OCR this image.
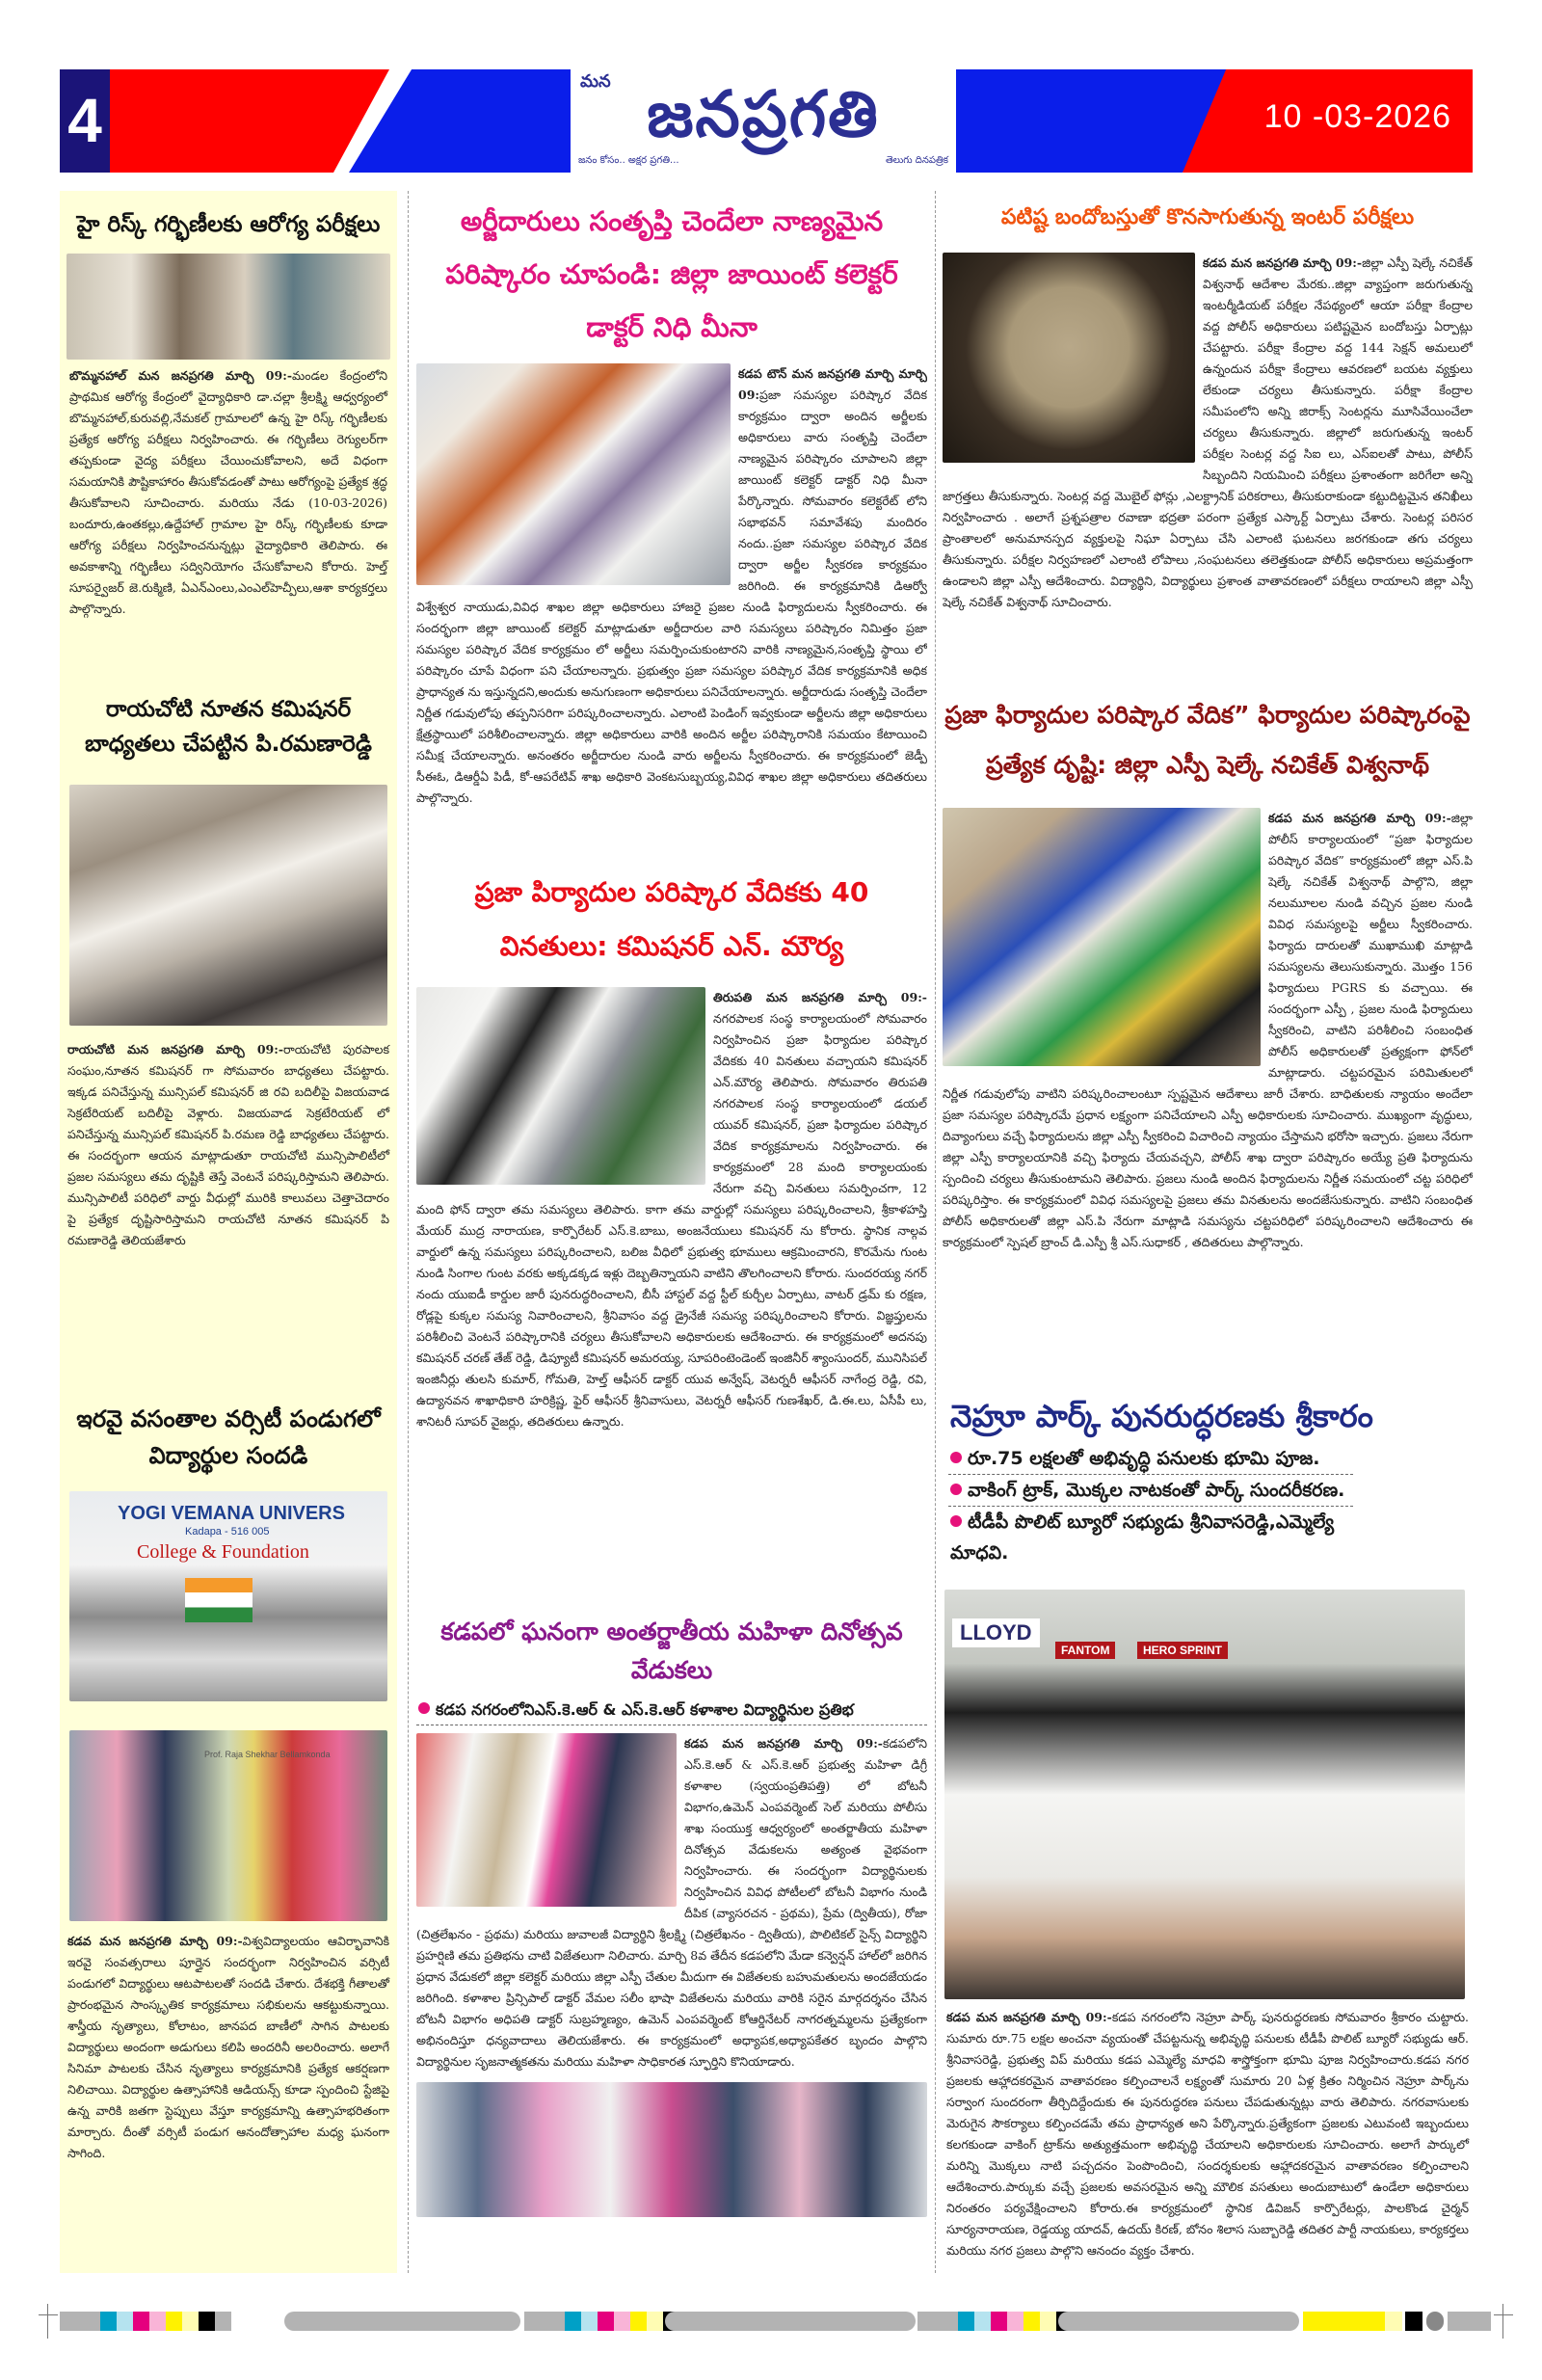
4
మన జనప్రగతి
జనం కోసం.. అక్షర ప్రగతి...	తెలుగు దినపత్రిక
10 -03-2026
హై రిస్క్ గర్భిణీలకు ఆరోగ్య పరీక్షలు
బొమ్మనహాల్ మన జనప్రగతి మార్చి 09:-మండల కేంద్రంలోని ప్రాథమిక ఆరోగ్య కేంద్రంలో వైద్యాధికారి డా.చల్లా శ్రీలక్ష్మి ఆధ్వర్యంలో బొమ్మనహాల్,కురువల్లి,నేమకల్ గ్రామాలలో ఉన్న హై రిస్క్ గర్భిణీలకు ప్రత్యేక ఆరోగ్య పరీక్షలు నిర్వహించారు. ఈ గర్భిణీలు రెగ్యులర్‌గా తప్పకుండా వైద్య పరీక్షలు చేయించుకోవాలని, అదే విధంగా సమయానికి పౌష్టికాహారం తీసుకోవడంతో పాటు ఆరోగ్యంపై ప్రత్యేక శ్రద్ధ తీసుకోవాలని సూచించారు. మరియు నేడు (10-03-2026) బందూరు,ఉంతకల్లు,ఉద్దేహాల్ గ్రామాల హై రిస్క్ గర్భిణీలకు కూడా ఆరోగ్య పరీక్షలు నిర్వహించనున్నట్లు వైద్యాధికారి తెలిపారు. ఈ అవకాశాన్ని గర్భిణీలు సద్వినియోగం చేసుకోవాలని కోరారు. హెల్త్ సూపర్వైజర్ జె.రుక్మిణి, ఏఎన్ఎంలు,ఎంఎల్‌హెచ్పీలు,ఆశా కార్యకర్తలు పాల్గొన్నారు.
రాయచోటి నూతన కమిషనర్ బాధ్యతలు చేపట్టిన పి.రమణారెడ్డి
రాయచోటి మన జనప్రగతి మార్చి 09:-రాయచోటి పురపాలక సంఘం,నూతన కమిషనర్ గా సోమవారం బాధ్యతలు చేపట్టారు. ఇక్కడ పనిచేస్తున్న మున్సిపల్ కమిషనర్ జి రవి బదిలీపై విజయవాడ సెక్రటేరియట్ బదిలీపై వెళ్లారు. విజయవాడ సెక్రటేరియట్ లో పనిచేస్తున్న మున్సిపల్ కమిషనర్ పి.రమణ రెడ్డి బాధ్యతలు చేపట్టారు. ఈ సందర్భంగా ఆయన మాట్లాడుతూ రాయచోటి మున్సిపాలిటీలో ప్రజల సమస్యలు తమ దృష్టికి తెస్తే వెంటనే పరిష్కరిస్తామని తెలిపారు. మున్సిపాలిటీ పరిధిలో వార్డు వీధుల్లో మురికి కాలువలు చెత్తాచెదారం పై ప్రత్యేక దృష్టిసారిస్తామని రాయచోటి నూతన కమిషనర్ పి రమణారెడ్డి తెలియజేశారు
ఇరవై వసంతాల వర్సిటీ పండుగలో విద్యార్థుల సందడి
YOGI VEMANA UNIVERS
Kadapa - 516 005
College & Foundation
Prof. Raja Shekhar Bellamkonda
కడవ మన జనప్రగతి మార్చి 09:-విశ్వవిద్యాలయం ఆవిర్భావానికి ఇరవై సంవత్సరాలు పూర్తైన సందర్భంగా నిర్వహించిన వర్సిటీ పండుగలో విద్యార్థులు ఆటపాటలతో సందడి చేశారు. దేశభక్తి గీతాలతో ప్రారంభమైన సాంస్కృతిక కార్యక్రమాలు సభికులను ఆకట్టుకున్నాయి. శాస్త్రీయ నృత్యాలు, కోలాటం, జానపద బాణీలో సాగిన పాటలకు విద్యార్థులు అందంగా అడుగులు కలిపి అందరినీ అలరించారు. అలాగే సినిమా పాటలకు చేసిన నృత్యాలు కార్యక్రమానికి ప్రత్యేక ఆకర్షణగా నిలిచాయి. విద్యార్థుల ఉత్సాహానికి ఆడియన్స్ కూడా స్పందించి స్టేజిపై ఉన్న వారికి జతగా స్టెప్పులు వేస్తూ కార్యక్రమాన్ని ఉత్సాహభరితంగా మార్చారు. దీంతో వర్సిటీ పండుగ ఆనందోత్సాహాల మధ్య ఘనంగా సాగింది.
అర్జీదారులు సంతృప్తి చెందేలా నాణ్యమైన పరిష్కారం చూపండి: జిల్లా జాయింట్ కలెక్టర్ డాక్టర్ నిధి మీనా
కడప టౌన్ మన జనప్రగతి మార్చి మార్చి 09:ప్రజా సమస్యల పరిష్కార వేదిక కార్యక్రమం ద్వారా అందిన అర్జీలకు అధికారులు వారు సంతృప్తి చెందేలా నాణ్యమైన పరిష్కారం చూపాలని జిల్లా జాయింట్ కలెక్టర్ డాక్టర్ నిధి మీనా పేర్కొన్నారు. సోమవారం కలెక్టరేట్ లోని సభాభవన్ సమావేశపు మందిరం నందు..ప్రజా సమస్యల పరిష్కార వేదిక ద్వారా అర్జీల స్వీకరణ కార్యక్రమం జరిగింది. ఈ కార్యక్రమానికి డిఆర్వో విశ్వేశ్వర నాయుడు,వివిధ శాఖల జిల్లా అధికారులు హాజరై ప్రజల నుండి ఫిర్యాదులను స్వీకరించారు. ఈ సందర్భంగా జిల్లా జాయింట్ కలెక్టర్ మాట్లాడుతూ అర్జీదారుల వారి సమస్యలు పరిష్కారం నిమిత్తం ప్రజా సమస్యల పరిష్కార వేదిక కార్యక్రమం లో అర్జీలు సమర్పించుకుంటారని వారికి నాణ్యమైన,సంతృప్తి స్థాయి లో పరిష్కారం చూపే విధంగా పని చేయాలన్నారు. ప్రభుత్వం ప్రజా సమస్యల పరిష్కార వేదిక కార్యక్రమానికి అధిక ప్రాధాన్యత ను ఇస్తున్నదని,అందుకు అనుగుణంగా అధికారులు పనిచేయాలన్నారు. అర్జీదారుడు సంతృప్తి చెందేలా నిర్ణీత గడువులోపు తప్పనిసరిగా పరిష్కరించాలన్నారు. ఎలాంటి పెండింగ్ ఇవ్వకుండా అర్జీలను జిల్లా అధికారులు క్షేత్రస్థాయిలో పరిశీలించాలన్నారు. జిల్లా అధికారులు వారికి అందిన అర్జీల పరిష్కారానికి సమయం కేటాయించి సమీక్ష చేయాలన్నారు. అనంతరం అర్జీదారుల నుండి వారు అర్జీలను స్వీకరించారు. ఈ కార్యక్రమంలో జెడ్పీ సీఈఓ, డిఆర్డీఏ పిడీ, కో-ఆపరేటివ్ శాఖ అధికారి వెంకటసుబ్బయ్య,వివిధ శాఖల జిల్లా అధికారులు తదితరులు పాల్గొన్నారు.
ప్రజా పిర్యాదుల పరిష్కార వేదికకు 40 వినతులు: కమిషనర్ ఎన్. మౌర్య
తిరుపతి మన జనప్రగతి మార్చి 09:-నగరపాలక సంస్థ కార్యాలయంలో సోమవారం నిర్వహించిన ప్రజా ఫిర్యాదుల పరిష్కార వేదికకు 40 వినతులు వచ్చాయని కమిషనర్ ఎన్.మౌర్య తెలిపారు. సోమవారం తిరుపతి నగరపాలక సంస్థ కార్యాలయంలో డయల్ యువర్ కమిషనర్, ప్రజా ఫిర్యాదుల పరిష్కార వేదిక కార్యక్రమాలను నిర్వహించారు. ఈ కార్యక్రమంలో 28 మంది కార్యాలయంకు నేరుగా వచ్చి వినతులు సమర్పించగా, 12 మంది ఫోన్ ద్వారా తమ సమస్యలు తెలిపారు. కాగా తమ వార్డుల్లో సమస్యలు పరిష్కరించాలని, శ్రీకాళహస్తి మేయర్ ముద్ర నారాయణ, కార్పొరేటర్ ఎస్.కె.బాబు, అంజనేయులు కమిషనర్ ను కోరారు. స్థానిక నాల్గవ వార్డులో ఉన్న సమస్యలు పరిష్కరించాలని, బలిజ వీధిలో ప్రభుత్వ భూములు ఆక్రమించారని, కొరమేను గుంట నుండి సింగాల గుంట వరకు అక్కడక్కడ ఇళ్లు దెబ్బతిన్నాయని వాటిని తొలగించాలని కోరారు. సుందరయ్య నగర్ నందు యుఐడీ కార్డుల జారీ పునరుద్ధరించాలని, బీసీ హాస్టల్ వద్ద స్టీల్ కుర్చీల ఏర్పాటు, వాటర్ డ్రమ్ కు రక్షణ, రోడ్లపై కుక్కల సమస్య నివారించాలని, శ్రీనివాసం వద్ద డ్రైనేజీ సమస్య పరిష్కరించాలని కోరారు. విజ్ఞప్తులను పరిశీలించి వెంటనే పరిష్కారానికి చర్యలు తీసుకోవాలని అధికారులకు ఆదేశించారు. ఈ కార్యక్రమంలో అదనపు కమిషనర్ చరణ్ తేజ్ రెడ్డి, డిప్యూటీ కమిషనర్ అమరయ్య, సూపరింటెండెంట్ ఇంజినీర్ శ్యాంసుందర్, మునిసిపల్ ఇంజినీర్లు తులసి కుమార్, గోమతి, హెల్త్ ఆఫీసర్ డాక్టర్ యువ అన్వేష్, వెటర్నరీ ఆఫీసర్ నాగేంద్ర రెడ్డి, రవి, ఉద్యానవన శాఖాధికారి హరిక్రిష్ణ, ఫైర్ ఆఫీసర్ శ్రీనివాసులు, వెటర్నరీ ఆఫీసర్ గుణశేఖర్, డి.ఈ.లు, ఏసీపీ లు, శానిటరీ సూపర్ వైజర్లు, తదితరులు ఉన్నారు.
కడపలో ఘనంగా అంతర్జాతీయ మహిళా దినోత్సవ వేడుకలు
కడప నగరంలోనిఎస్.కె.ఆర్ & ఎస్.కె.ఆర్ కళాశాల విద్యార్థినుల ప్రతిభ
కడప మన జనప్రగతి మార్చి 09:-కడపలోని ఎస్.కె.ఆర్ & ఎస్.కె.ఆర్ ప్రభుత్వ మహిళా డిగ్రీ కళాశాల (స్వయంప్రతిపత్తి) లో బోటనీ విభాగం,ఉమెన్ ఎంపవర్మెంట్ సెల్ మరియు పోలీసు శాఖ సంయుక్త ఆధ్వర్యంలో అంతర్జాతీయ మహిళా దినోత్సవ వేడుకలను అత్యంత వైభవంగా నిర్వహించారు. ఈ సందర్భంగా విద్యార్థినులకు నిర్వహించిన వివిధ పోటీలలో బోటనీ విభాగం నుండి దీపిక (వ్యాసరచన - ప్రథమ), ప్రేమ (ద్వితీయ), రోజా (చిత్రలేఖనం - ప్రథమ) మరియు జువాలజీ విద్యార్థిని శ్రీలక్ష్మి (చిత్రలేఖనం - ద్వితీయ), పొలిటికల్ సైన్స్ విద్యార్థిని ప్రహర్షిణి తమ ప్రతిభను చాటి విజేతలుగా నిలిచారు. మార్చి 8వ తేదీన కడపలోని మేడా కన్వెన్షన్ హాల్‌లో జరిగిన ప్రధాన వేడుకలో జిల్లా కలెక్టర్ మరియు జిల్లా ఎస్పీ చేతుల మీదుగా ఈ విజేతలకు బహుమతులను అందజేయడం జరిగింది. కళాశాల ప్రిన్సిపాల్ డాక్టర్ వేమల సలీం భాషా విజేతలను మరియు వారికి సరైన మార్గదర్శనం చేసిన బోటనీ విభాగం అధిపతి డాక్టర్ సుబ్రహ్మణ్యం, ఉమెన్ ఎంపవర్మెంట్ కోఆర్డినేటర్ నాగరత్నమ్మలను ప్రత్యేకంగా అభినందిస్తూ ధన్యవాదాలు తెలియజేశారు. ఈ కార్యక్రమంలో అధ్యాపక,అధ్యాపకేతర బృందం పాల్గొని విద్యార్థినుల సృజనాత్మకతను మరియు మహిళా సాధికారత స్ఫూర్తిని కొనియాడారు.
పటిష్ట బందోబస్తుతో కొనసాగుతున్న ఇంటర్ పరీక్షలు
కడప మన జనప్రగతి మార్చి 09:-జిల్లా ఎస్పీ షెల్కే నచికేత్ విశ్వనాథ్ ఆదేశాల మేరకు..జిల్లా వ్యాప్తంగా జరుగుతున్న ఇంటర్మీడియట్ పరీక్షల నేపథ్యంలో ఆయా పరీక్షా కేంద్రాల వద్ద పోలీస్ అధికారులు పటిష్టమైన బందోబస్తు ఏర్పాట్లు చేపట్టారు. పరీక్షా కేంద్రాల వద్ద 144 సెక్షన్ అమలులో ఉన్నందున పరీక్షా కేంద్రాలు ఆవరణలో బయట వ్యక్తులు లేకుండా చర్యలు తీసుకున్నారు. పరీక్షా కేంద్రాల సమీపంలోని అన్ని జిరాక్స్ సెంటర్లను మూసివేయించేలా చర్యలు తీసుకున్నారు. జిల్లాలో జరుగుతున్న ఇంటర్ పరీక్షల సెంటర్ల వద్ద సిఐ లు, ఎస్ఐలతో పాటు, పోలీస్ సిబ్బందిని నియమించి పరీక్షలు ప్రశాంతంగా జరిగేలా అన్ని జాగ్రత్తలు తీసుకున్నారు. సెంటర్ల వద్ద మొబైల్ ఫోన్లు ,ఎలక్ట్రానిక్ పరికరాలు, తీసుకురాకుండా కట్టుదిట్టమైన తనిఖీలు నిర్వహించారు . అలాగే ప్రశ్నపత్రాల రవాణా భద్రతా పరంగా ప్రత్యేక ఎస్కార్ట్ ఏర్పాటు చేశారు. సెంటర్ల పరిసర ప్రాంతాలలో అనుమానస్పద వ్యక్తులపై నిఘా ఏర్పాటు చేసి ఎలాంటి ఘటనలు జరగకుండా తగు చర్యలు తీసుకున్నారు. పరీక్షల నిర్వహణలో ఎలాంటి లోపాలు ,సంఘటనలు తలెత్తకుండా పోలీస్ అధికారులు అప్రమత్తంగా ఉండాలని జిల్లా ఎస్పీ ఆదేశించారు. విద్యార్థిని, విద్యార్థులు ప్రశాంత వాతావరణంలో పరీక్షలు రాయాలని జిల్లా ఎస్పీ షెల్కే నచికేత్ విశ్వనాథ్ సూచించారు.
ప్రజా ఫిర్యాదుల పరిష్కార వేదిక” ఫిర్యాదుల పరిష్కారంపై ప్రత్యేక దృష్టి: జిల్లా ఎస్పీ షెల్కే నచికేత్ విశ్వనాథ్
కడప మన జనప్రగతి మార్చి 09:-జిల్లా పోలీస్ కార్యాలయంలో “ప్రజా ఫిర్యాదుల పరిష్కార వేదిక” కార్యక్రమంలో జిల్లా ఎస్.పి షెల్కే నచికేత్ విశ్వనాథ్ పాల్గొని, జిల్లా నలుమూలల నుండి వచ్చిన ప్రజల నుండి వివిధ సమస్యలపై అర్జీలు స్వీకరించారు. ఫిర్యాదు దారులతో ముఖాముఖి మాట్లాడి సమస్యలను తెలుసుకున్నారు. మొత్తం 156 ఫిర్యాదులు PGRS కు వచ్చాయి. ఈ సందర్భంగా ఎస్పీ , ప్రజల నుండి ఫిర్యాదులు స్వీకరించి, వాటిని పరిశీలించి సంబంధిత పోలీస్ అధికారులతో ప్రత్యక్షంగా ఫోన్‌లో మాట్లాడారు. చట్టపరమైన పరిమితులలో నిర్ణీత గడువులోపు వాటిని పరిష్కరించాలంటూ స్పష్టమైన ఆదేశాలు జారీ చేశారు. బాధితులకు న్యాయం అందేలా ప్రజా సమస్యల పరిష్కారమే ప్రధాన లక్ష్యంగా పనిచేయాలని ఎస్పీ అధికారులకు సూచించారు. ముఖ్యంగా వృద్ధులు, దివ్యాంగులు వచ్చే ఫిర్యాదులను జిల్లా ఎస్పీ స్వీకరించి విచారించి న్యాయం చేస్తామని భరోసా ఇచ్చారు. ప్రజలు నేరుగా జిల్లా ఎస్పీ కార్యాలయానికి వచ్చి ఫిర్యాదు చేయవచ్చని, పోలీస్ శాఖ ద్వారా పరిష్కారం అయ్యే ప్రతి ఫిర్యాదును స్పందించి చర్యలు తీసుకుంటామని తెలిపారు. ప్రజలు నుండి అందిన ఫిర్యాదులను నిర్ణీత సమయంలో చట్ట పరిధిలో పరిష్కరిస్తాం. ఈ కార్యక్రమంలో వివిధ సమస్యలపై ప్రజలు తమ వినతులను అందజేసుకున్నారు. వాటిని సంబంధిత పోలీస్ అధికారులతో జిల్లా ఎస్.పి నేరుగా మాట్లాడి సమస్యను చట్టపరిధిలో పరిష్కరించాలని ఆదేశించారు ఈ కార్యక్రమంలో స్పెషల్ బ్రాంచ్ డి.ఎస్పీ శ్రీ ఎస్.సుధాకర్ , తదితరులు పాల్గొన్నారు.
నెహ్రూ పార్క్ పునరుద్ధరణకు శ్రీకారం
రూ.75 లక్షలతో అభివృద్ధి పనులకు భూమి పూజ.
వాకింగ్ ట్రాక్, మొక్కల నాటకంతో పార్క్ సుందరీకరణ.
టీడీపీ పొలిట్ బ్యూరో సభ్యుడు శ్రీనివాసరెడ్డి,ఎమ్మెల్యే మాధవి.
LLOYD
FANTOM	HERO SPRINT
కడప మన జనప్రగతి మార్చి 09:-కడప నగరంలోని నెహ్రూ పార్క్ పునరుద్ధరణకు సోమవారం శ్రీకారం చుట్టారు. సుమారు రూ.75 లక్షల అంచనా వ్యయంతో చేపట్టనున్న అభివృద్ధి పనులకు టీడీపీ పొలిట్ బ్యూరో సభ్యుడు ఆర్. శ్రీనివాసరెడ్డి, ప్రభుత్వ విప్ మరియు కడప ఎమ్మెల్యే మాధవి శాస్త్రోక్తంగా భూమి పూజ నిర్వహించారు.కడప నగర ప్రజలకు ఆహ్లాదకరమైన వాతావరణం కల్పించాలనే లక్ష్యంతో సుమారు 20 ఏళ్ల క్రితం నిర్మించిన నెహ్రూ పార్క్‌ను సర్వాంగ సుందరంగా తీర్చిదిద్దేందుకు ఈ పునరుద్ధరణ పనులు చేపడుతున్నట్లు వారు తెలిపారు. నగరవాసులకు మెరుగైన సౌకర్యాలు కల్పించడమే తమ ప్రాధాన్యత అని పేర్కొన్నారు.ప్రత్యేకంగా ప్రజలకు ఎటువంటి ఇబ్బందులు కలగకుండా వాకింగ్ ట్రాక్‌ను అత్యుత్తమంగా అభివృద్ధి చేయాలని అధికారులకు సూచించారు. అలాగే పార్కులో మరిన్ని మొక్కలు నాటి పచ్చదనం పెంపొందించి, సందర్శకులకు ఆహ్లాదకరమైన వాతావరణం కల్పించాలని ఆదేశించారు.పార్కుకు వచ్చే ప్రజలకు అవసరమైన అన్ని మౌలిక వసతులు అందుబాటులో ఉండేలా అధికారులు నిరంతరం పర్యవేక్షించాలని కోరారు.ఈ కార్యక్రమంలో స్థానిక డివిజన్ కార్పొరేటర్లు, పాలకొండ చైర్మన్ సూర్యనారాయణ, రెడ్డయ్య యాదవ్, ఉదయ్ కిరణ్, బోనం శిలాస సుబ్బారెడ్డి తదితర పార్టీ నాయకులు, కార్యకర్తలు మరియు నగర ప్రజలు పాల్గొని ఆనందం వ్యక్తం చేశారు.
